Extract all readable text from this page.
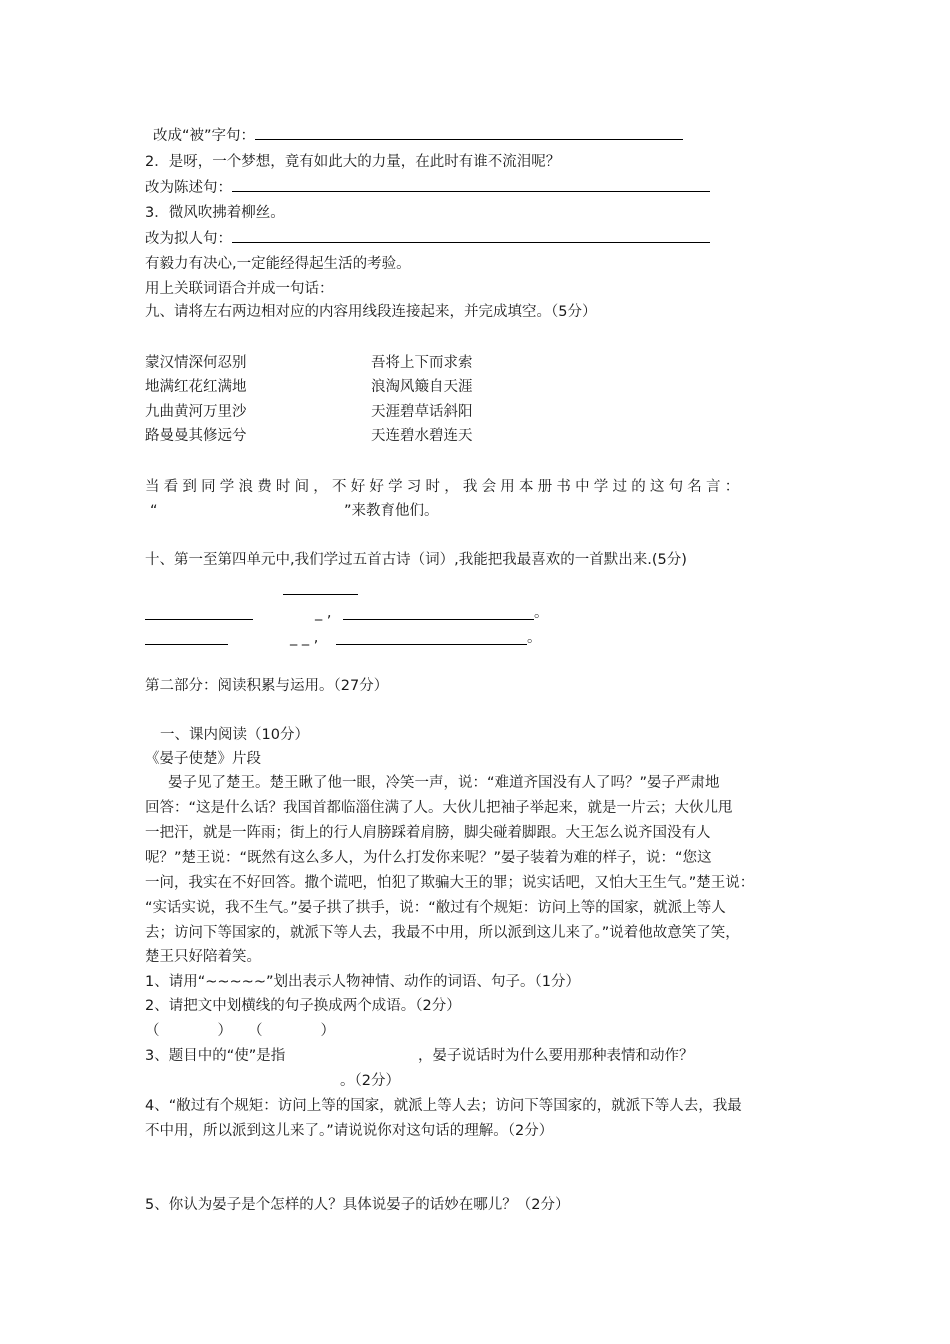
改成“被”字句：
2．是呀，一个梦想，竟有如此大的力量，在此时有谁不流泪呢？
改为陈述句：
3．微风吹拂着柳丝。
改为拟人句：
有毅力有决心,一定能经得起生活的考验。
用上关联词语合并成一句话：
九、请将左右两边相对应的内容用线段连接起来，并完成填空。（5分）
蒙汉情深何忍别	吾将上下而求索
地满红花红满地	浪淘风簸自天涯
九曲黄河万里沙	天涯碧草话斜阳
路曼曼其修远兮	天连碧水碧连天
当看到同学浪费时间，不好好学习时，我会用本册书中学过的这句名言：
“	”来教育他们。
十、第一至第四单元中,我们学过五首古诗（词）,我能把我最喜欢的一首默出来.(5分)
_ ,	。
_ _ ,	。
第二部分：阅读积累与运用。（27分）
一、课内阅读（10分）
《晏子使楚》片段
晏子见了楚王。楚王瞅了他一眼，冷笑一声，说：“难道齐国没有人了吗？”晏子严肃地
回答：“这是什么话？我国首都临淄住满了人。大伙儿把袖子举起来，就是一片云；大伙儿甩
一把汗，就是一阵雨；街上的行人肩膀踩着肩膀，脚尖碰着脚跟。大王怎么说齐国没有人
呢？”楚王说：“既然有这么多人，为什么打发你来呢？”晏子装着为难的样子，说：“您这
一问，我实在不好回答。撒个谎吧，怕犯了欺骗大王的罪；说实话吧，又怕大王生气。”楚王说：
“实话实说，我不生气。”晏子拱了拱手，说：“敝过有个规矩：访问上等的国家，就派上等人
去；访问下等国家的，就派下等人去，我最不中用，所以派到这儿来了。”说着他故意笑了笑，
楚王只好陪着笑。
1、请用“~~~~~”划出表示人物神情、动作的词语、句子。（1分）
2、请把文中划横线的句子换成两个成语。（2分）
（　　　　） （　　　　）
3、题目中的“使”是指	，晏子说话时为什么要用那种表情和动作？
。（2分）
4、“敝过有个规矩：访问上等的国家，就派上等人去；访问下等国家的，就派下等人去，我最
不中用，所以派到这儿来了。”请说说你对这句话的理解。（2分）
5、你认为晏子是个怎样的人？具体说晏子的话妙在哪儿？（2分）
